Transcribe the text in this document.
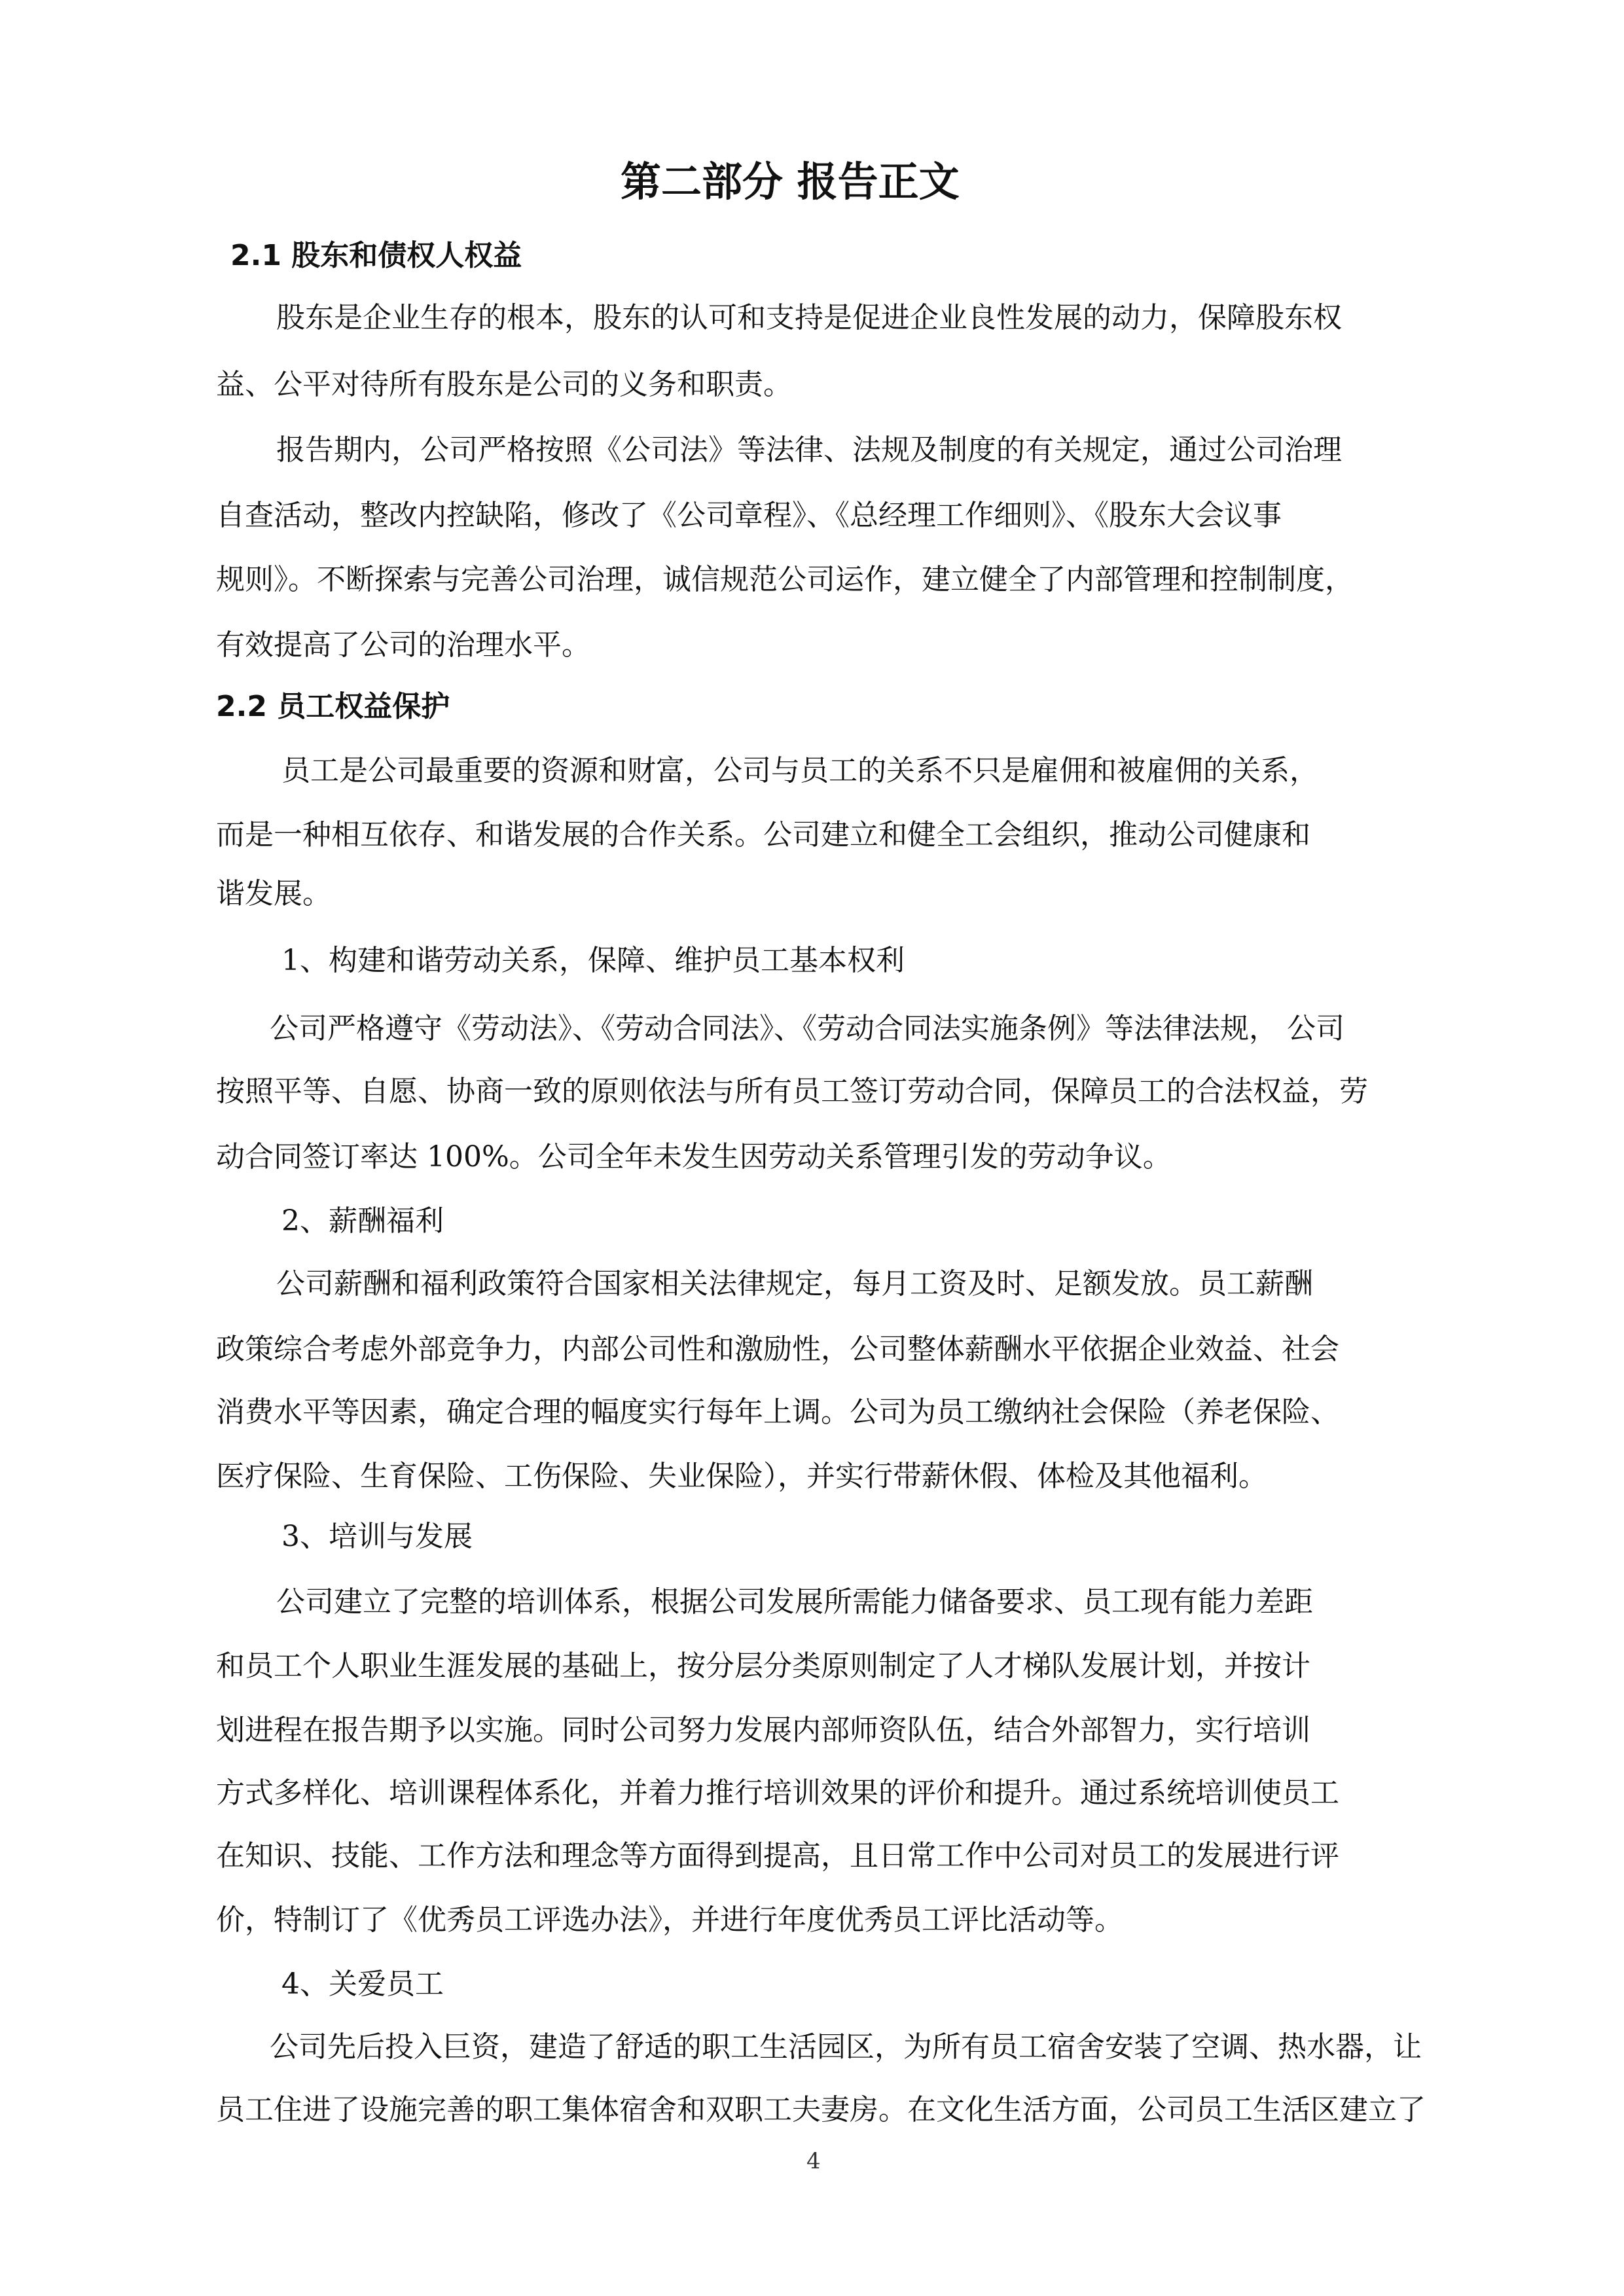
第二部分 报告正文
2.1 股东和债权人权益
股东是企业生存的根本，股东的认可和支持是促进企业良性发展的动力，保障股东权
益、公平对待所有股东是公司的义务和职责。
报告期内，公司严格按照《公司法》等法律、法规及制度的有关规定，通过公司治理
自查活动，整改内控缺陷，修改了《公司章程》、《总经理工作细则》、《股东大会议事
规则》。不断探索与完善公司治理，诚信规范公司运作，建立健全了内部管理和控制制度，
有效提高了公司的治理水平。
2.2 员工权益保护
员工是公司最重要的资源和财富，公司与员工的关系不只是雇佣和被雇佣的关系，
而是一种相互依存、和谐发展的合作关系。公司建立和健全工会组织，推动公司健康和
谐发展。
1、构建和谐劳动关系，保障、维护员工基本权利
公司严格遵守《劳动法》、《劳动合同法》、《劳动合同法实施条例》等法律法规， 公司
按照平等、自愿、协商一致的原则依法与所有员工签订劳动合同，保障员工的合法权益，劳
动合同签订率达 100%。公司全年未发生因劳动关系管理引发的劳动争议。
2、薪酬福利
公司薪酬和福利政策符合国家相关法律规定，每月工资及时、足额发放。员工薪酬
政策综合考虑外部竞争力，内部公司性和激励性，公司整体薪酬水平依据企业效益、社会
消费水平等因素，确定合理的幅度实行每年上调。公司为员工缴纳社会保险（养老保险、
医疗保险、生育保险、工伤保险、失业保险），并实行带薪休假、体检及其他福利。
3、培训与发展
公司建立了完整的培训体系，根据公司发展所需能力储备要求、员工现有能力差距
和员工个人职业生涯发展的基础上，按分层分类原则制定了人才梯队发展计划，并按计
划进程在报告期予以实施。同时公司努力发展内部师资队伍，结合外部智力，实行培训
方式多样化、培训课程体系化，并着力推行培训效果的评价和提升。通过系统培训使员工
在知识、技能、工作方法和理念等方面得到提高，且日常工作中公司对员工的发展进行评
价，特制订了《优秀员工评选办法》，并进行年度优秀员工评比活动等。
4、关爱员工
公司先后投入巨资，建造了舒适的职工生活园区，为所有员工宿舍安装了空调、热水器，让
员工住进了设施完善的职工集体宿舍和双职工夫妻房。在文化生活方面，公司员工生活区建立了
4
